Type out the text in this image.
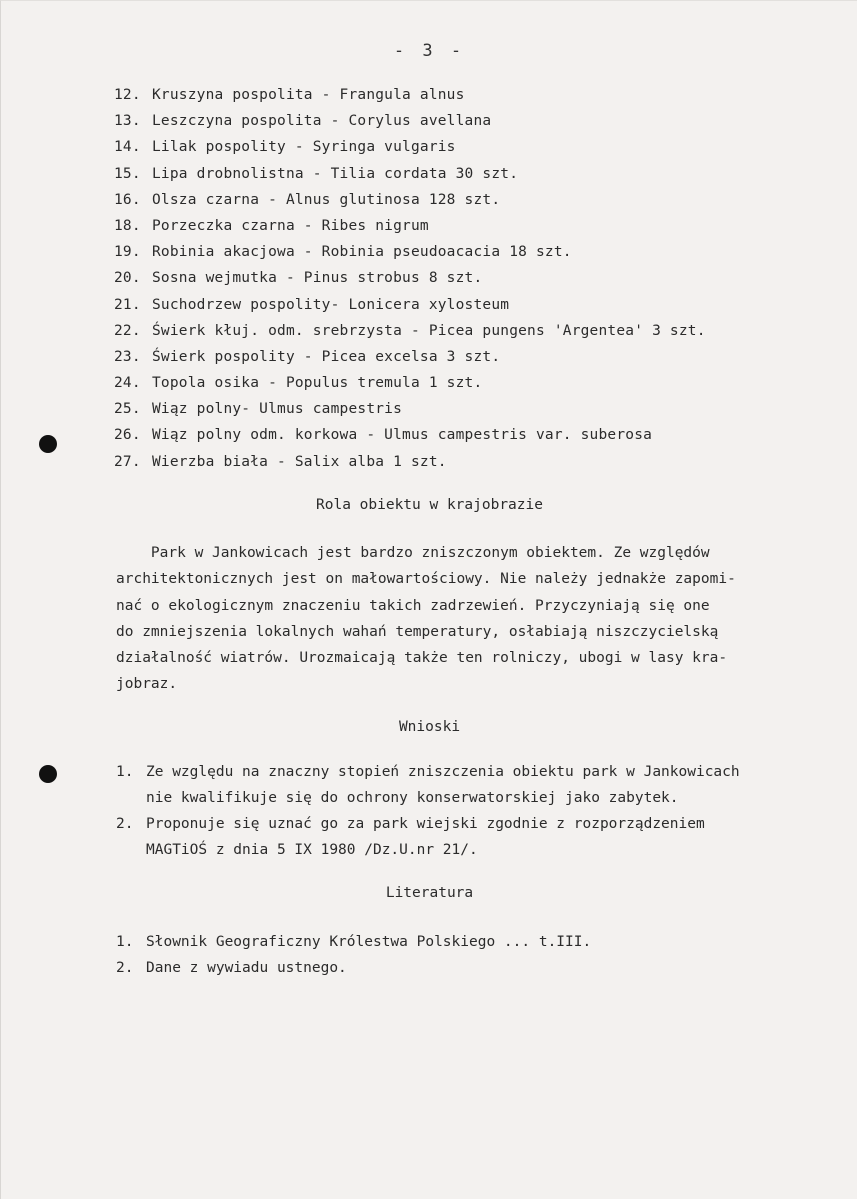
- 3 -
12. Kruszyna pospolita - Frangula alnus
13. Leszczyna pospolita - Corylus avellana
14. Lilak pospolity - Syringa vulgaris
15. Lipa drobnolistna - Tilia cordata 30 szt.
16. Olsza czarna - Alnus glutinosa 128 szt.
18. Porzeczka czarna - Ribes nigrum
19. Robinia akacjowa - Robinia pseudoacacia 18 szt.
20. Sosna wejmutka - Pinus strobus 8 szt.
21. Suchodrzew pospolity- Lonicera xylosteum
22. Świerk kłuj. odm. srebrzysta - Picea pungens 'Argentea' 3 szt.
23. Świerk pospolity - Picea excelsa 3 szt.
24. Topola osika - Populus tremula 1 szt.
25. Wiąz polny- Ulmus campestris
26. Wiąz polny odm. korkowa - Ulmus campestris var. suberosa
27. Wierzba biała - Salix alba 1 szt.
Rola obiektu w krajobrazie

Park w Jankowicach jest bardzo zniszczonym obiektem. Ze względów

architektonicznych jest on małowartościowy. Nie należy jednakże zapomi-

nać o ekologicznym znaczeniu takich zadrzewień. Przyczyniają się one

do zmniejszenia lokalnych wahań temperatury, osłabiają niszczycielską

działalność wiatrów. Urozmaicają także ten rolniczy, ubogi w lasy kra-

jobraz.

Wnioski
1. Ze względu na znaczny stopień zniszczenia obiektu park w Jankowicach
nie kwalifikuje się do ochrony konserwatorskiej jako zabytek.
2. Proponuje się uznać go za park wiejski zgodnie z rozporządzeniem
MAGTiOŚ z dnia 5 IX 1980 /Dz.U.nr 21/.
Literatura
1. Słownik Geograficzny Królestwa Polskiego ... t.III.
2. Dane z wywiadu ustnego.
